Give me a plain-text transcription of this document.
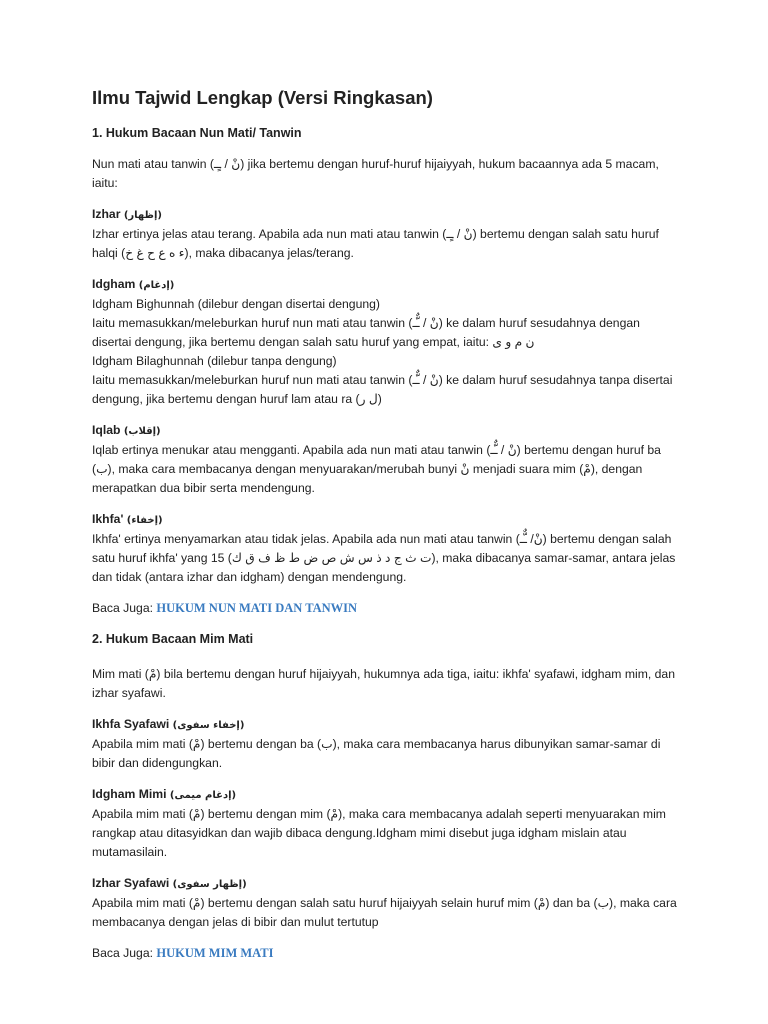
Ilmu Tajwid Lengkap (Versi Ringkasan)
1. Hukum Bacaan Nun Mati/ Tanwin
Nun mati atau tanwin (نْ / ـٍـ) jika bertemu dengan huruf-huruf hijaiyyah, hukum bacaannya ada 5 macam, iaitu:
Izhar (إظهار)
Izhar ertinya jelas atau terang. Apabila ada nun mati atau tanwin (نْ / ـٍـ) bertemu dengan salah satu huruf halqi (ء ه ع ح غ خ), maka dibacanya jelas/terang.
Idgham (إدغام)
Idgham Bighunnah (dilebur dengan disertai dengung)
Iaitu memasukkan/meleburkan huruf nun mati atau tanwin (نْ / ـٌّـ) ke dalam huruf sesudahnya dengan disertai dengung, jika bertemu dengan salah satu huruf yang empat, iaitu: ن م و ى
Idgham Bilaghunnah (dilebur tanpa dengung)
Iaitu memasukkan/meleburkan huruf nun mati atau tanwin (نْ / ـٌّـ) ke dalam huruf sesudahnya tanpa disertai dengung, jika bertemu dengan huruf lam atau ra (ل ر)
Iqlab (إقلاب)
Iqlab ertinya menukar atau mengganti. Apabila ada nun mati atau tanwin (نْ / ـٌّـ) bertemu dengan huruf ba (ب), maka cara membacanya dengan menyuarakan/merubah bunyi نْ menjadi suara mim (مْ), dengan merapatkan dua bibir serta mendengung.
Ikhfa' (إخفاء)
Ikhfa' ertinya menyamarkan atau tidak jelas. Apabila ada nun mati atau tanwin (نْ/ ـٌّـ) bertemu dengan salah satu huruf ikhfa' yang 15 (ت ث ج د ذ س ش ص ض ط ظ ف ق ك), maka dibacanya samar-samar, antara jelas dan tidak (antara izhar dan idgham) dengan mendengung.
Baca Juga: HUKUM NUN MATI DAN TANWIN
2. Hukum Bacaan Mim Mati
Mim mati (مْ) bila bertemu dengan huruf hijaiyyah, hukumnya ada tiga, iaitu: ikhfa' syafawi, idgham mim, dan izhar syafawi.
Ikhfa Syafawi (إخفاء سفوى)
Apabila mim mati (مْ) bertemu dengan ba (ب), maka cara membacanya harus dibunyikan samar-samar di bibir dan didengungkan.
Idgham Mimi (إدغام ميمى)
Apabila mim mati (مْ) bertemu dengan mim (مْ), maka cara membacanya adalah seperti menyuarakan mim rangkap atau ditasyidkan dan wajib dibaca dengung.Idgham mimi disebut juga idgham mislain atau mutamasilain.
Izhar Syafawi (إظهار سفوى)
Apabila mim mati (مْ) bertemu dengan salah satu huruf hijaiyyah selain huruf mim (مْ) dan ba (ب), maka cara membacanya dengan jelas di bibir dan mulut tertutup
Baca Juga: HUKUM MIM MATI
